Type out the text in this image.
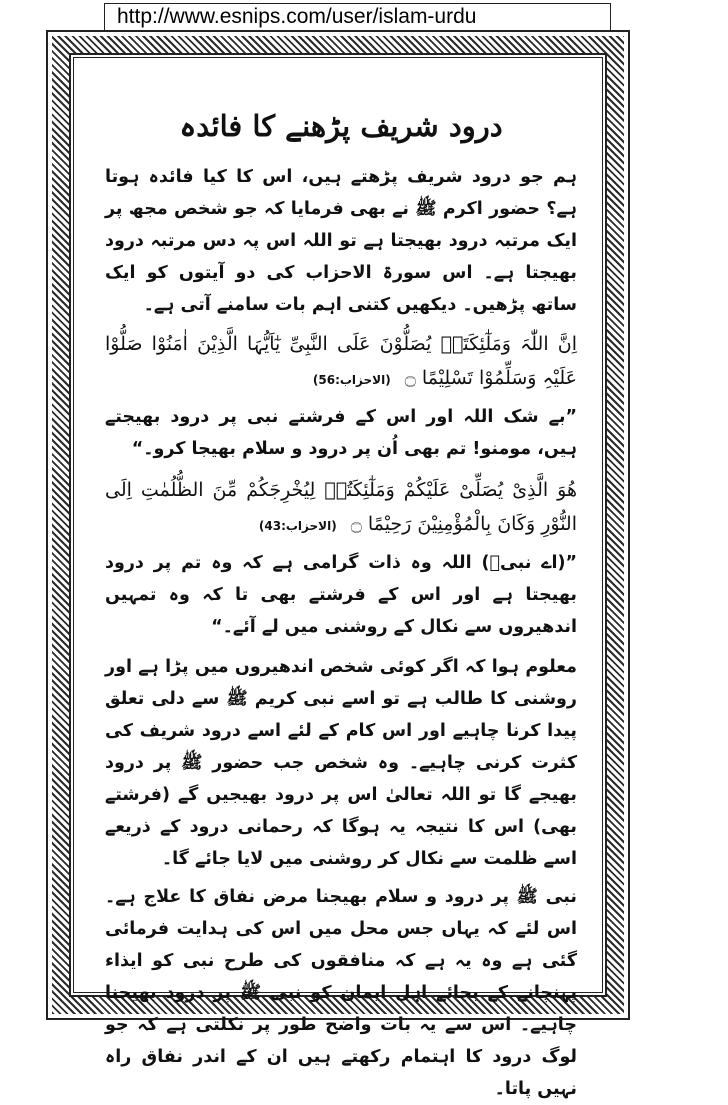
http://www.esnips.com/user/islam-urdu
درود شریف پڑھنے کا فائدہ

ہم جو درود شریف پڑھتے ہیں، اس کا کیا فائدہ ہوتا ہے؟ حضور اکرم ﷺ نے بھی فرمایا کہ جو شخص مجھ پر ایک مرتبہ درود بھیجتا ہے تو اللہ اس پہ دس مرتبہ درود بھیجتا ہے۔ اس سورۃ الاحزاب کی دو آیتوں کو ایک ساتھ پڑھیں۔ دیکھیں کتنی اہم بات سامنے آتی ہے۔

اِنَّ اللّٰہَ وَمَلٰٓئِکَتَہٗ یُصَلُّوْنَ عَلَی النَّبِیِّ یٰٓاَیُّہَا الَّذِیْنَ اٰمَنُوْا صَلُّوْا عَلَیْہِ وَسَلِّمُوْا تَسْلِیْمًا ۝ (الاحزاب:56)

”بے شک اللہ اور اس کے فرشتے نبی پر درود بھیجتے ہیں، مومنو! تم بھی اُن پر درود و سلام بھیجا کرو۔“

ھُوَ الَّذِیْ یُصَلِّیْ عَلَیْکُمْ وَمَلٰٓئِکَتُہٗ لِیُخْرِجَکُمْ مِّنَ الظُّلُمٰتِ اِلَی النُّوْرِ وَکَانَ بِالْمُؤْمِنِیْنَ رَحِیْمًا ۝ (الاحزاب:43)

”(اے نبیؐ) اللہ وہ ذات گرامی ہے کہ وہ تم پر درود بھیجتا ہے اور اس کے فرشتے بھی تا کہ وہ تمہیں اندھیروں سے نکال کے روشنی میں لے آئے۔“

معلوم ہوا کہ اگر کوئی شخص اندھیروں میں پڑا ہے اور روشنی کا طالب ہے تو اسے نبی کریم ﷺ سے دلی تعلق پیدا کرنا چاہیے اور اس کام کے لئے اسے درود شریف کی کثرت کرنی چاہیے۔ وہ شخص جب حضور ﷺ پر درود بھیجے گا تو اللہ تعالیٰ اس پر درود بھیجیں گے (فرشتے بھی) اس کا نتیجہ یہ ہوگا کہ رحمانی درود کے ذریعے اسے ظلمت سے نکال کر روشنی میں لایا جائے گا۔

نبی ﷺ پر درود و سلام بھیجنا مرض نفاق کا علاج ہے۔ اس لئے کہ یہاں جس محل میں اس کی ہدایت فرمائی گئی ہے وہ یہ ہے کہ منافقوں کی طرح نبی کو ایذاء پہنچانے کے بجائے اہل ایمان کو نبی ﷺ پر درود بھیجنا چاہیے۔ اس سے یہ بات واضح طور پر نکلتی ہے کہ جو لوگ درود کا اہتمام رکھتے ہیں ان کے اندر نفاق راہ نہیں پاتا۔
